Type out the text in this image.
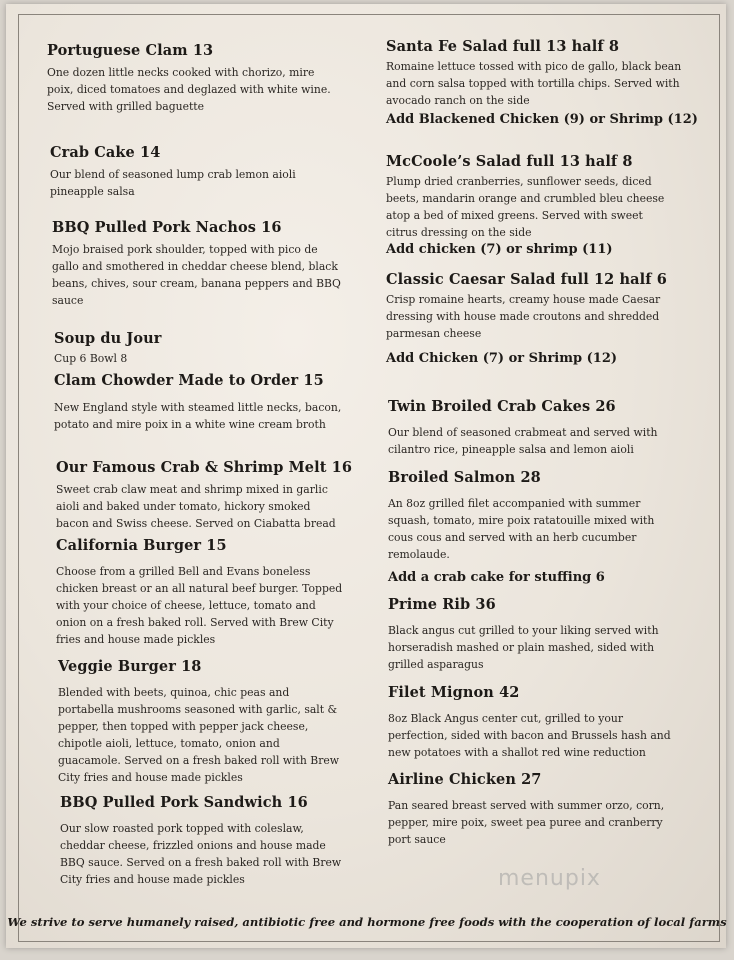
Portuguese Clam 13
One dozen little necks cooked with chorizo, mire poix, diced tomatoes and deglazed with white wine. Served with grilled baguette
Crab Cake 14
Our blend of seasoned lump crab lemon aioli pineapple salsa
BBQ Pulled Pork Nachos 16
Mojo braised pork shoulder, topped with pico de gallo and smothered in cheddar cheese blend, black beans, chives, sour cream, banana peppers and BBQ sauce
Soup du Jour
Cup 6 Bowl 8
Clam Chowder Made to Order 15
New England style with steamed little necks, bacon, potato and mire poix in a white wine cream broth
Our Famous Crab & Shrimp Melt 16
Sweet crab claw meat and shrimp mixed in garlic aioli and baked under tomato, hickory smoked bacon and Swiss cheese. Served on Ciabatta bread
California Burger 15
Choose from a grilled Bell and Evans boneless chicken breast or an all natural beef burger. Topped with your choice of cheese, lettuce, tomato and onion on a fresh baked roll. Served with Brew City fries and house made pickles
Veggie Burger 18
Blended with beets, quinoa, chic peas and portabella mushrooms seasoned with garlic, salt & pepper, then topped with pepper jack cheese, chipotle aioli, lettuce, tomato, onion and guacamole. Served on a fresh baked roll with Brew City fries and house made pickles
BBQ Pulled Pork Sandwich 16
Our slow roasted pork topped with coleslaw, cheddar cheese, frizzled onions and house made BBQ sauce. Served on a fresh baked roll with Brew City fries and house made pickles
Santa Fe Salad full 13 half 8
Romaine lettuce tossed with pico de gallo, black bean and corn salsa topped with tortilla chips. Served with avocado ranch on the side
Add Blackened Chicken (9) or Shrimp (12)
McCoole’s Salad full 13 half 8
Plump dried cranberries, sunflower seeds, diced beets, mandarin orange and crumbled bleu cheese atop a bed of mixed greens. Served with sweet citrus dressing on the side
Add chicken (7) or shrimp (11)
Classic Caesar Salad full 12 half 6
Crisp romaine hearts, creamy house made Caesar dressing with house made croutons and shredded parmesan cheese
Add Chicken (7) or Shrimp (12)
Twin Broiled Crab Cakes 26
Our blend of seasoned crabmeat and served with cilantro rice, pineapple salsa and lemon aioli
Broiled Salmon 28
An 8oz grilled filet accompanied with summer squash, tomato, mire poix ratatouille mixed with cous cous and served with an herb cucumber remolaude.
Add a crab cake for stuffing 6
Prime Rib 36
Black angus cut grilled to your liking served with horseradish mashed or plain mashed, sided with grilled asparagus
Filet Mignon 42
8oz Black Angus center cut, grilled to your perfection, sided with bacon and Brussels hash and new potatoes with a shallot red wine reduction
Airline Chicken 27
Pan seared breast served with summer orzo, corn, pepper, mire poix, sweet pea puree and cranberry port sauce
menupix
We strive to serve humanely raised, antibiotic free and hormone free foods with the cooperation of local farms
